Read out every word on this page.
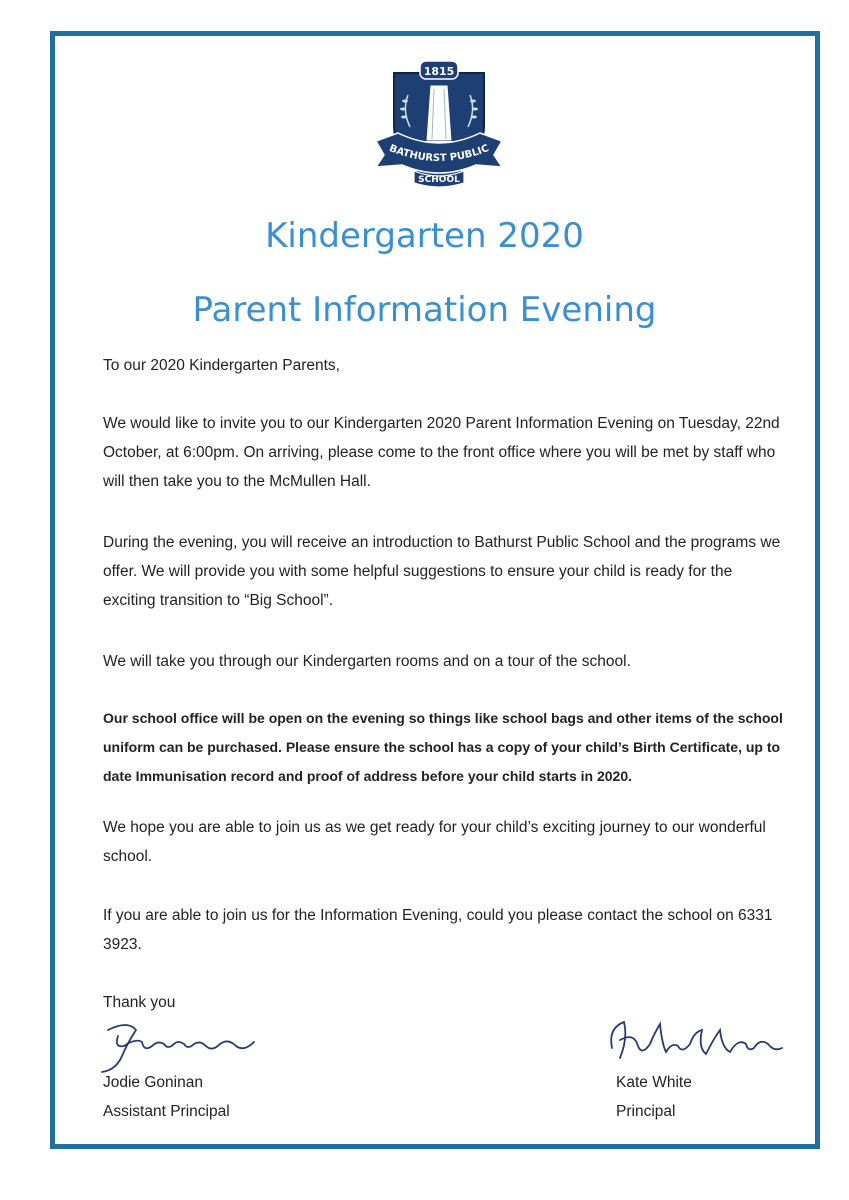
1815
BATHURST PUBLIC
SCHOOL
Kindergarten 2020
Parent Information Evening

To our 2020 Kindergarten Parents,

We would like to invite you to our Kindergarten 2020 Parent Information Evening on Tuesday, 22nd October, at 6:00pm. On arriving, please come to the front office where you will be met by staff who will then take you to the McMullen Hall.

During the evening, you will receive an introduction to Bathurst Public School and the programs we offer. We will provide you with some helpful suggestions to ensure your child is ready for the exciting transition to “Big School”.

We will take you through our Kindergarten rooms and on a tour of the school.

Our school office will be open on the evening so things like school bags and other items of the school uniform can be purchased. Please ensure the school has a copy of your child’s Birth Certificate, up to date Immunisation record and proof of address before your child starts in 2020.

We hope you are able to join us as we get ready for your child’s exciting journey to our wonderful school.

If you are able to join us for the Information Evening, could you please contact the school on 6331 3923.

Thank you

Jodie Goninan
Assistant Principal
Kate White
Principal
